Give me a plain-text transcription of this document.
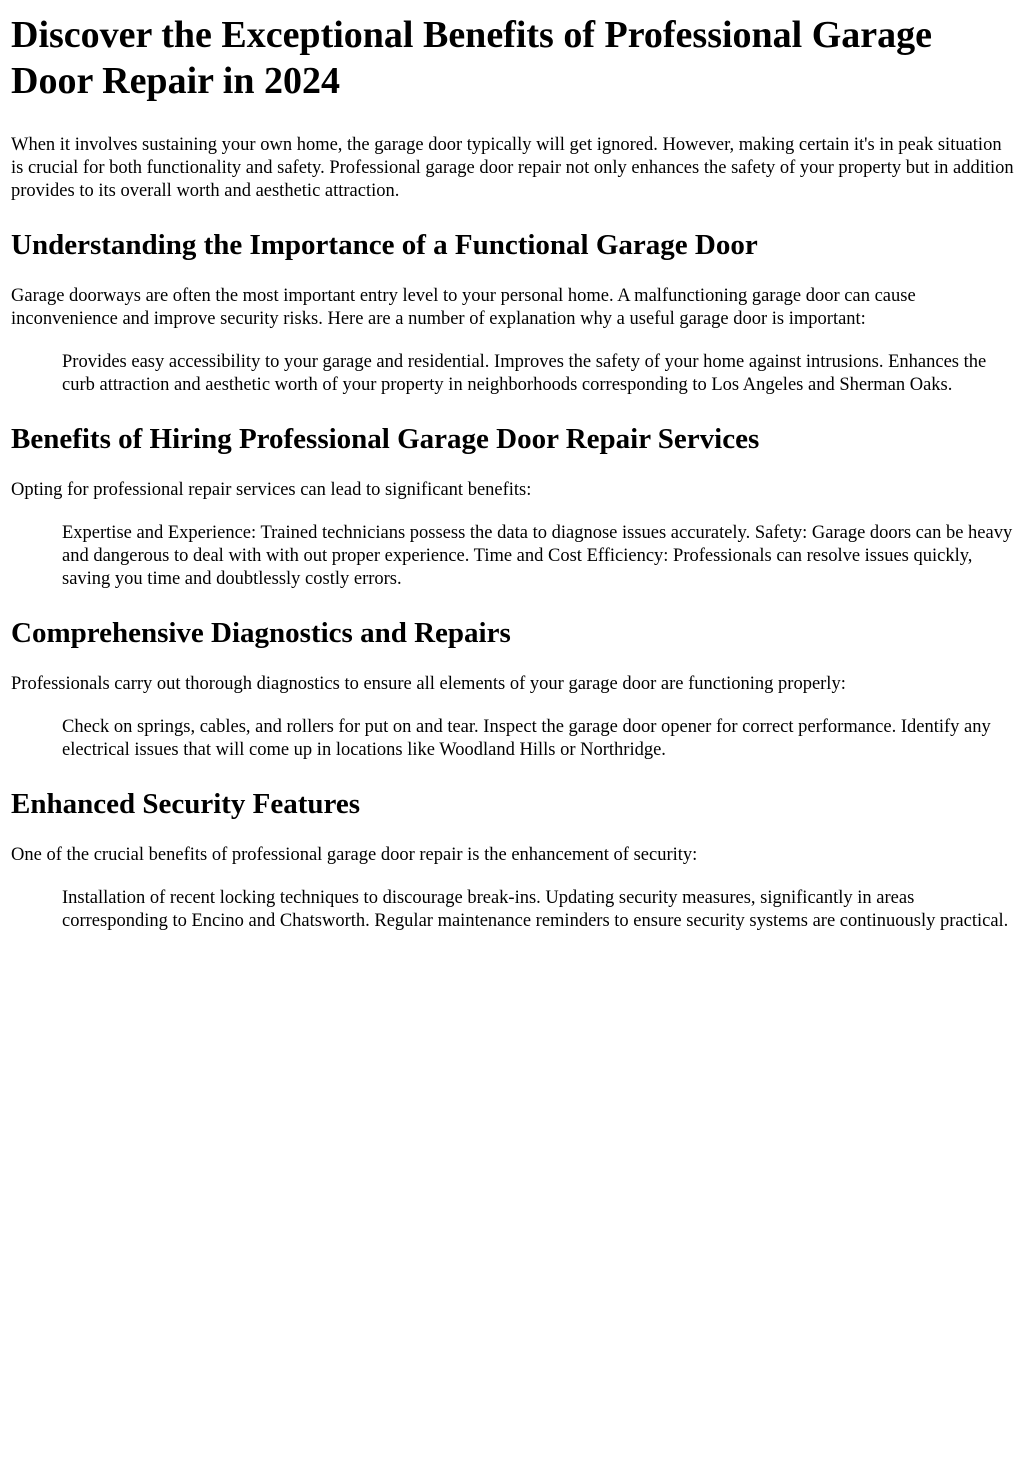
Discover the Exceptional Benefits of Professional Garage Door Repair in 2024

When it involves sustaining your own home, the garage door typically will get ignored. However, making certain it's in peak situation is crucial for both functionality and safety. Professional garage door repair not only enhances the safety of your property but in addition provides to its overall worth and aesthetic attraction.

Understanding the Importance of a Functional Garage Door

Garage doorways are often the most important entry level to your personal home. A malfunctioning garage door can cause inconvenience and improve security risks. Here are a number of explanation why a useful garage door is important:

Provides easy accessibility to your garage and residential. Improves the safety of your home against intrusions. Enhances the curb attraction and aesthetic worth of your property in neighborhoods corresponding to Los Angeles and Sherman Oaks.
Benefits of Hiring Professional Garage Door Repair Services

Opting for professional repair services can lead to significant benefits:

Expertise and Experience: Trained technicians possess the data to diagnose issues accurately. Safety: Garage doors can be heavy and dangerous to deal with with out proper experience. Time and Cost Efficiency: Professionals can resolve issues quickly, saving you time and doubtlessly costly errors.
Comprehensive Diagnostics and Repairs

Professionals carry out thorough diagnostics to ensure all elements of your garage door are functioning properly:

Check on springs, cables, and rollers for put on and tear. Inspect the garage door opener for correct performance. Identify any electrical issues that will come up in locations like Woodland Hills or Northridge.
Enhanced Security Features

One of the crucial benefits of professional garage door repair is the enhancement of security:

Installation of recent locking techniques to discourage break-ins. Updating security measures, significantly in areas corresponding to Encino and Chatsworth. Regular maintenance reminders to ensure security systems are continuously practical.
